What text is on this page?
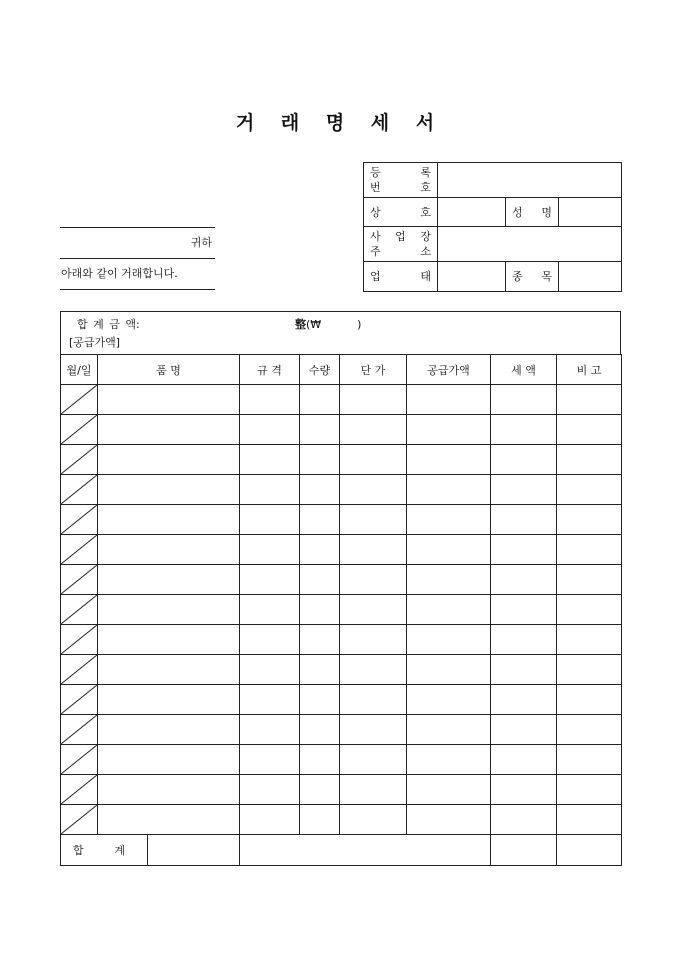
거 래 명 세 서
귀하
아래와 같이 거래합니다.
등 록
번 호			

상 호		성 명	

사 업 장
주 소			

업 태		종 목	

합 계 금 액:	整(₩	)
[공급가액]
월/일	품 명	규 격	수량	단 가	공급가액	세 액	비 고

합 계							
